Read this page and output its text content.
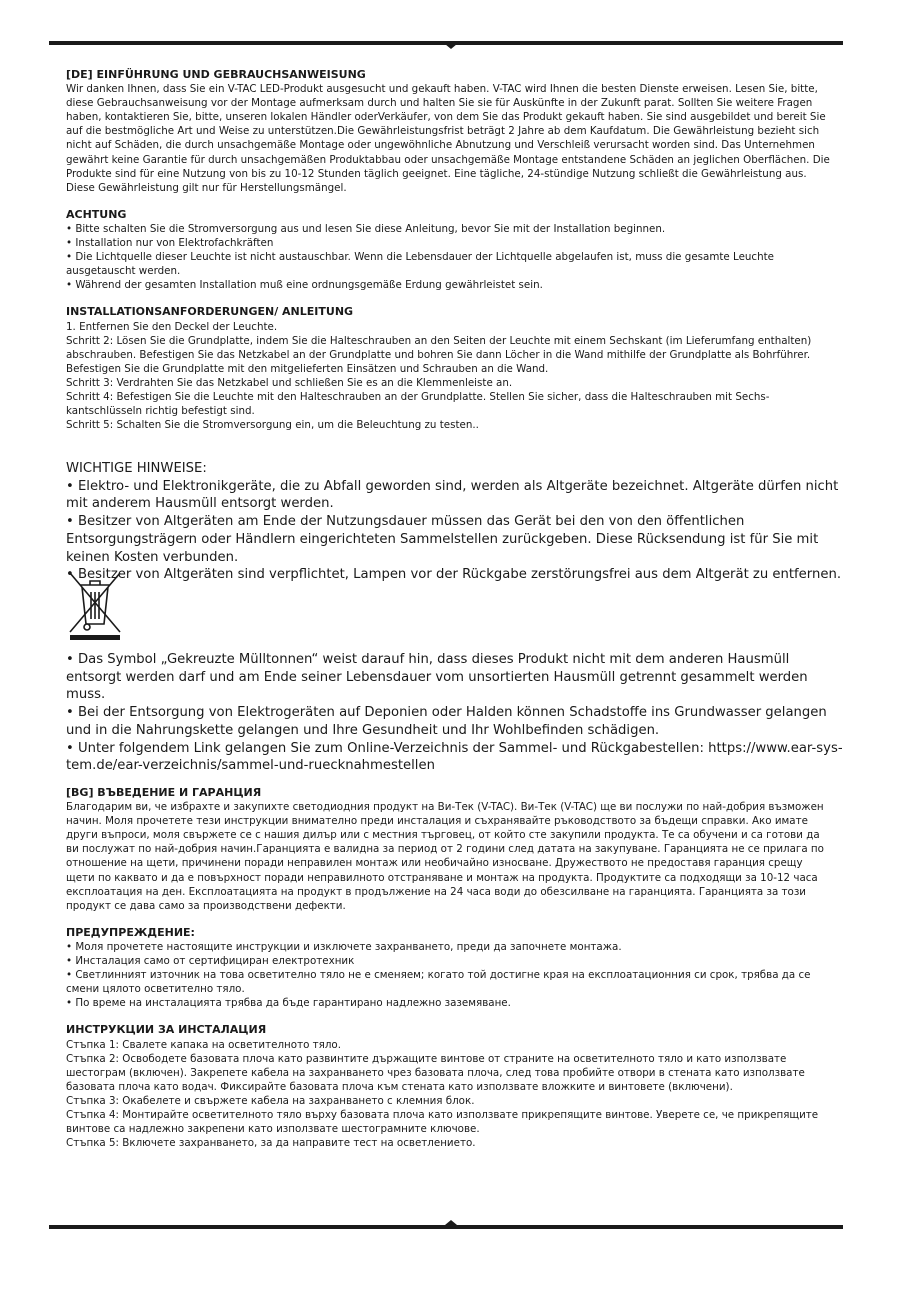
[DE] EINFÜHRUNG UND GEBRAUCHSANWEISUNG

Wir danken Ihnen, dass Sie ein V-TAC LED-Produkt ausgesucht und gekauft haben. V-TAC wird Ihnen die besten Dienste erweisen. Lesen Sie, bitte, diese Gebrauchsanweisung vor der Montage aufmerksam durch und halten Sie sie für Auskünfte in der Zukunft parat. Sollten Sie weitere Fragen haben, kontaktieren Sie, bitte, unseren lokalen Händler oderVerkäufer, von dem Sie das Produkt gekauft haben. Sie sind ausgebildet und bereit Sie auf die bestmögliche Art und Weise zu unterstützen.Die Gewährleistungsfrist beträgt 2 Jahre ab dem Kaufdatum. Die Gewährleistung bezieht sich nicht auf Schäden, die durch unsachgemäße Montage oder ungewöhnliche Abnutzung und Verschleiß verursacht worden sind. Das Unternehmen gewährt keine Garantie für durch unsachgemäßen Produktabbau oder unsachgemäße Montage entstandene Schäden an jeglichen Oberflächen. Die Produkte sind für eine Nutzung von bis zu 10-12 Stunden täglich geeignet. Eine tägliche, 24-stündige Nutzung schließt die Gewährleistung aus. Diese Gewährleistung gilt nur für Herstellungsmängel.

ACHTUNG

• Bitte schalten Sie die Stromversorgung aus und lesen Sie diese Anleitung, bevor Sie mit der Installation beginnen.

• Installation nur von Elektrofachkräften

• Die Lichtquelle dieser Leuchte ist nicht austauschbar. Wenn die Lebensdauer der Lichtquelle abgelaufen ist, muss die gesamte Leuchte ausgetauscht werden.

• Während der gesamten Installation muß eine ordnungsgemäße Erdung gewährleistet sein.

INSTALLATIONSANFORDERUNGEN/ ANLEITUNG

1. Entfernen Sie den Deckel der Leuchte.

Schritt 2: Lösen Sie die Grundplatte, indem Sie die Halteschrauben an den Seiten der Leuchte mit einem Sechskant (im Lieferumfang enthalten) abschrauben. Befestigen Sie das Netzkabel an der Grundplatte und bohren Sie dann Löcher in die Wand mithilfe der Grundplatte als Bohrführer. Befestigen Sie die Grundplatte mit den mitgelieferten Einsätzen und Schrauben an die Wand.

Schritt 3: Verdrahten Sie das Netzkabel und schließen Sie es an die Klemmenleiste an.

Schritt 4: Befestigen Sie die Leuchte mit den Halteschrauben an der Grundplatte. Stellen Sie sicher, dass die Halteschrauben mit Sechs-kantschlüsseln richtig befestigt sind.

Schritt 5: Schalten Sie die Stromversorgung ein, um die Beleuchtung zu testen..

WICHTIGE HINWEISE:

• Elektro- und Elektronikgeräte, die zu Abfall geworden sind, werden als Altgeräte bezeichnet. Altgeräte dürfen nicht mit anderem Hausmüll entsorgt werden.

• Besitzer von Altgeräten am Ende der Nutzungsdauer müssen das Gerät bei den von den öffentlichen Entsorgungsträgern oder Händlern eingerichteten Sammelstellen zurückgeben. Diese Rücksendung ist für Sie mit keinen Kosten verbunden.

• Besitzer von Altgeräten sind verpflichtet, Lampen vor der Rückgabe zerstörungsfrei aus dem Altgerät zu entfernen.

• Das Symbol „Gekreuzte Mülltonnen“ weist darauf hin, dass dieses Produkt nicht mit dem anderen Hausmüll entsorgt werden darf und am Ende seiner Lebensdauer vom unsortierten Hausmüll getrennt gesammelt werden muss.

• Bei der Entsorgung von Elektrogeräten auf Deponien oder Halden können Schadstoffe ins Grundwasser gelangen und in die Nahrungskette gelangen und Ihre Gesundheit und Ihr Wohlbefinden schädigen.

• Unter folgendem Link gelangen Sie zum Online-Verzeichnis der Sammel- und Rückgabestellen: https://www.ear-sys-tem.de/ear-verzeichnis/sammel-und-ruecknahmestellen

[BG] ВЪВЕДЕНИЕ И ГАРАНЦИЯ

Благодарим ви, че избрахте и закупихте светодиодния продукт на Ви-Тек (V-TAC). Ви-Тек (V-TAC) ще ви послужи по най-добрия възможен начин. Моля прочетете тези инструкции внимателно преди инсталация и съхранявайте ръководството за бъдещи справки. Ако имате други въпроси, моля свържете се с нашия дилър или с местния търговец, от който сте закупили продукта. Те са обучени и са готови да ви послужат по най-добрия начин.Гаранцията е валидна за период от 2 години след датата на закупуване. Гаранцията не се прилага по отношение на щети, причинени поради неправилен монтаж или необичайно износване. Дружеството не предоставя гаранция срещу щети по каквато и да е повърхност поради неправилното отстраняване и монтаж на продукта. Продуктите са подходящи за 10-12 часа експлоатация на ден. Експлоатацията на продукт в продължение на 24 часа води до обезсилване на гаранцията. Гаранцията за този продукт се дава само за производствени дефекти.

ПРЕДУПРЕЖДЕНИЕ:

• Моля прочетете настоящите инструкции и изключете захранването, преди да започнете монтажа.

• Инсталация само от сертифициран електротехник

• Светлинният източник на това осветително тяло не е сменяем; когато той достигне края на експлоатационния си срок, трябва да се смени цялото осветително тяло.

• По време на инсталацията трябва да бъде гарантирано надлежно заземяване.

ИНСТРУКЦИИ ЗА ИНСТАЛАЦИЯ

Стъпка 1: Свалете капака на осветителното тяло.

Стъпка 2: Освободете базовата плоча като развинтите държащите винтове от страните на осветителното тяло и като използвате шестограм (включен). Закрепете кабела на захранването чрез базовата плоча, след това пробийте отвори в стената като използвате базовата плоча като водач. Фиксирайте базовата плоча към стената като използвате вложките и винтовете (включени).

Стъпка 3: Окабелете и свържете кабела на захранването с клемния блок.

Стъпка 4: Монтирайте осветителното тяло върху базовата плоча като използвате прикрепящите винтове. Уверете се, че прикрепящите винтове са надлежно закрепени като използвате шестограмните ключове.

Стъпка 5: Включете захранването, за да направите тест на осветлението.
